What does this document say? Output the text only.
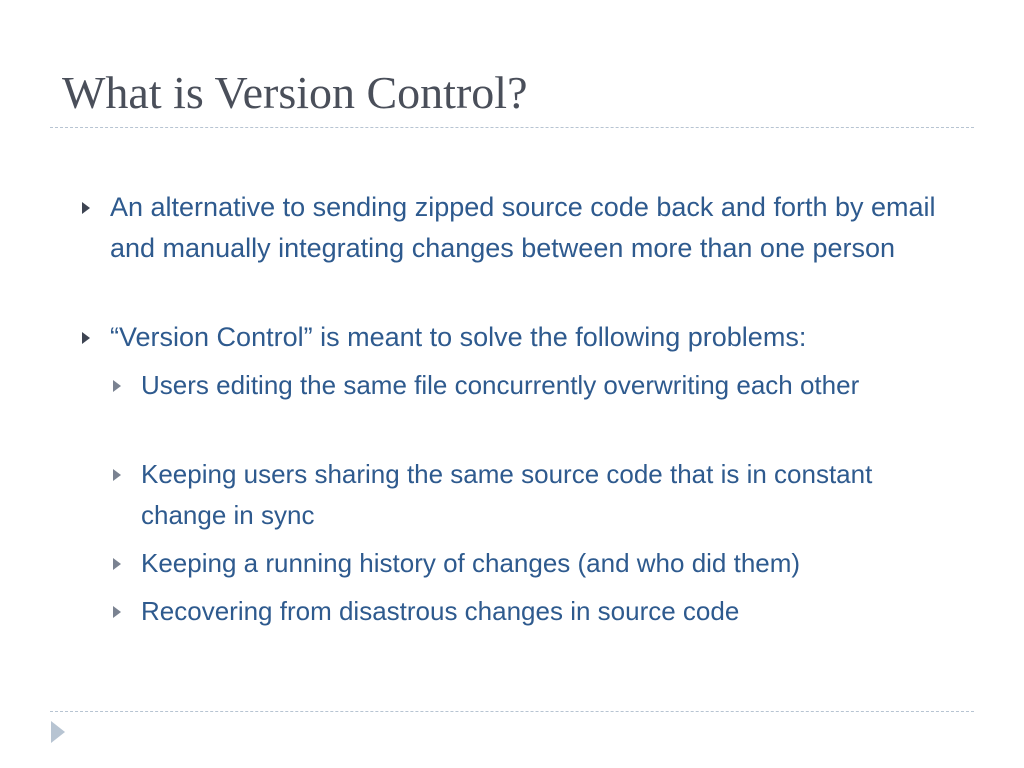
What is Version Control?
An alternative to sending zipped source code back and forth by email and manually integrating changes between more than one person
“Version Control” is meant to solve the following problems:
Users editing the same file concurrently overwriting each other
Keeping users sharing the same source code that is in constant change in sync
Keeping a running history of changes (and who did them)
Recovering from disastrous changes in source code
